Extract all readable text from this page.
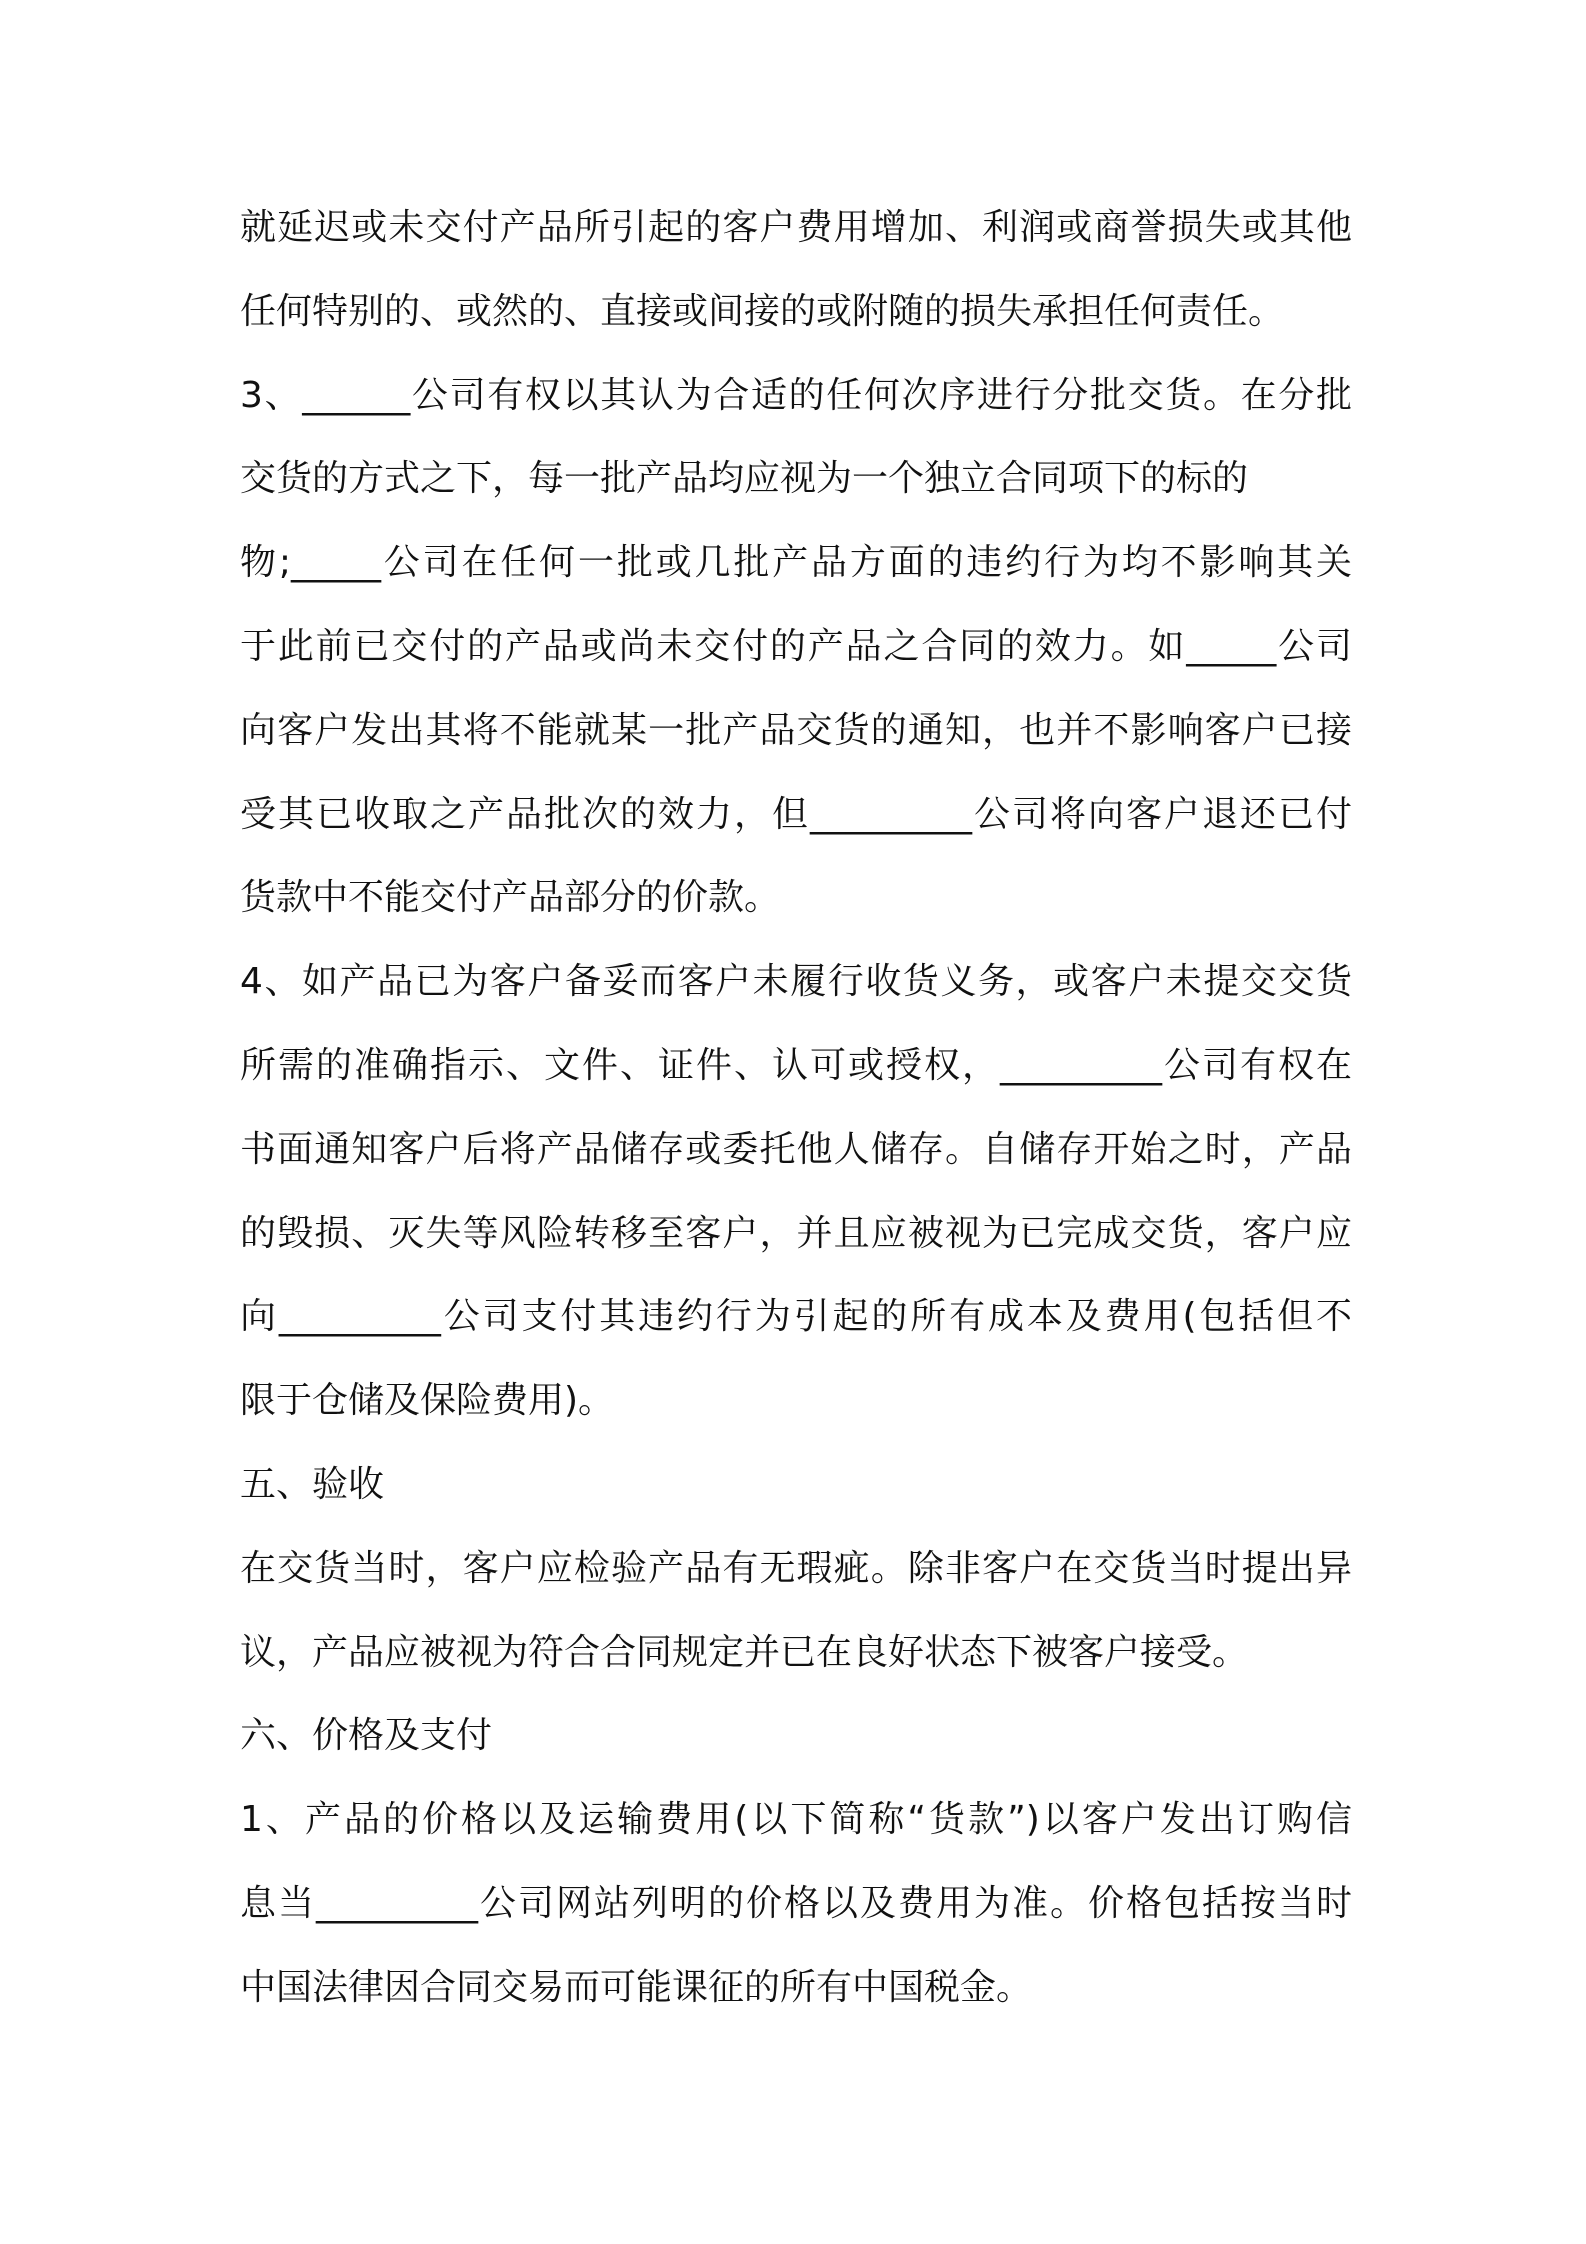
就延迟或未交付产品所引起的客户费用增加、利润或商誉损失或其他

任何特别的、或然的、直接或间接的或附随的损失承担任何责任。

3、______公司有权以其认为合适的任何次序进行分批交货。在分批

交货的方式之下，每一批产品均应视为一个独立合同项下的标的

物;_____公司在任何一批或几批产品方面的违约行为均不影响其关

于此前已交付的产品或尚未交付的产品之合同的效力。如_____公司

向客户发出其将不能就某一批产品交货的通知，也并不影响客户已接

受其已收取之产品批次的效力，但_________公司将向客户退还已付

货款中不能交付产品部分的价款。

4、如产品已为客户备妥而客户未履行收货义务，或客户未提交交货

所需的准确指示、文件、证件、认可或授权，_________公司有权在

书面通知客户后将产品储存或委托他人储存。自储存开始之时，产品

的毁损、灭失等风险转移至客户，并且应被视为已完成交货，客户应

向_________公司支付其违约行为引起的所有成本及费用(包括但不

限于仓储及保险费用)。

五、验收

在交货当时，客户应检验产品有无瑕疵。除非客户在交货当时提出异

议，产品应被视为符合合同规定并已在良好状态下被客户接受。

六、价格及支付

1、产品的价格以及运输费用(以下简称“货款”)以客户发出订购信

息当_________公司网站列明的价格以及费用为准。价格包括按当时

中国法律因合同交易而可能课征的所有中国税金。
